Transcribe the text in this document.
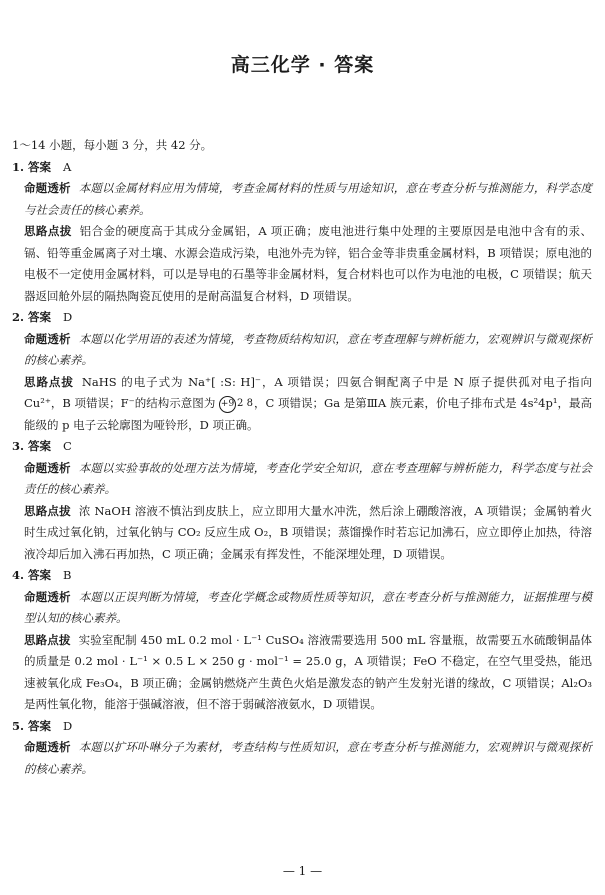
高三化学 · 答案
1～14 小题，每小题 3 分，共 42 分。
1. 答案 A
命题透析 本题以金属材料应用为情境，考查金属材料的性质与用途知识，意在考查分析与推测能力，科学态度与社会责任的核心素养。
思路点拔 铝合金的硬度高于其成分金属铝，A 项正确；废电池进行集中处理的主要原因是电池中含有的汞、镉、铅等重金属离子对土壤、水源会造成污染，电池外壳为锌，铝合金等非贵重金属材料，B 项错误；原电池的电极不一定使用金属材料，可以是导电的石墨等非金属材料，复合材料也可以作为电池的电极，C 项错误；航天器返回舱外层的隔热陶瓷瓦使用的是耐高温复合材料，D 项错误。
2. 答案 D
命题透析 本题以化学用语的表述为情境，考查物质结构知识，意在考查理解与辨析能力，宏观辨识与微观探析的核心素养。
思路点拔 NaHS 的电子式为 Na⁺[ :S: H]⁻，A 项错误；四氨合铜配离子中是 N 原子提供孤对电子指向 Cu²⁺，B 项错误；F⁻的结构示意图为 +9 2 8，C 项错误；Ga 是第ⅢA 族元素，价电子排布式是 4s²4p¹，最高能级的 p 电子云轮廓图为哑铃形，D 项正确。
3. 答案 C
命题透析 本题以实验事故的处理方法为情境，考查化学安全知识，意在考查理解与辨析能力，科学态度与社会责任的核心素养。
思路点拔 浓 NaOH 溶液不慎沾到皮肤上，应立即用大量水冲洗，然后涂上硼酸溶液，A 项错误；金属钠着火时生成过氧化钠，过氧化钠与 CO₂ 反应生成 O₂，B 项错误；蒸馏操作时若忘记加沸石，应立即停止加热，待溶液冷却后加入沸石再加热，C 项正确；金属汞有挥发性，不能深埋处理，D 项错误。
4. 答案 B
命题透析 本题以正误判断为情境，考查化学概念或物质性质等知识，意在考查分析与推测能力，证据推理与模型认知的核心素养。
思路点拔 实验室配制 450 mL 0.2 mol · L⁻¹ CuSO₄ 溶液需要选用 500 mL 容量瓶，故需要五水硫酸铜晶体的质量是 0.2 mol · L⁻¹ × 0.5 L × 250 g · mol⁻¹ = 25.0 g，A 项错误；FeO 不稳定，在空气里受热，能迅速被氧化成 Fe₃O₄，B 项正确；金属钠燃烧产生黄色火焰是激发态的钠产生发射光谱的缘故，C 项错误；Al₂O₃ 是两性氧化物，能溶于强碱溶液，但不溶于弱碱溶液氨水，D 项错误。
5. 答案 D
命题透析 本题以扩环卟啉分子为素材，考查结构与性质知识，意在考查分析与推测能力，宏观辨识与微观探析的核心素养。
— 1 —
